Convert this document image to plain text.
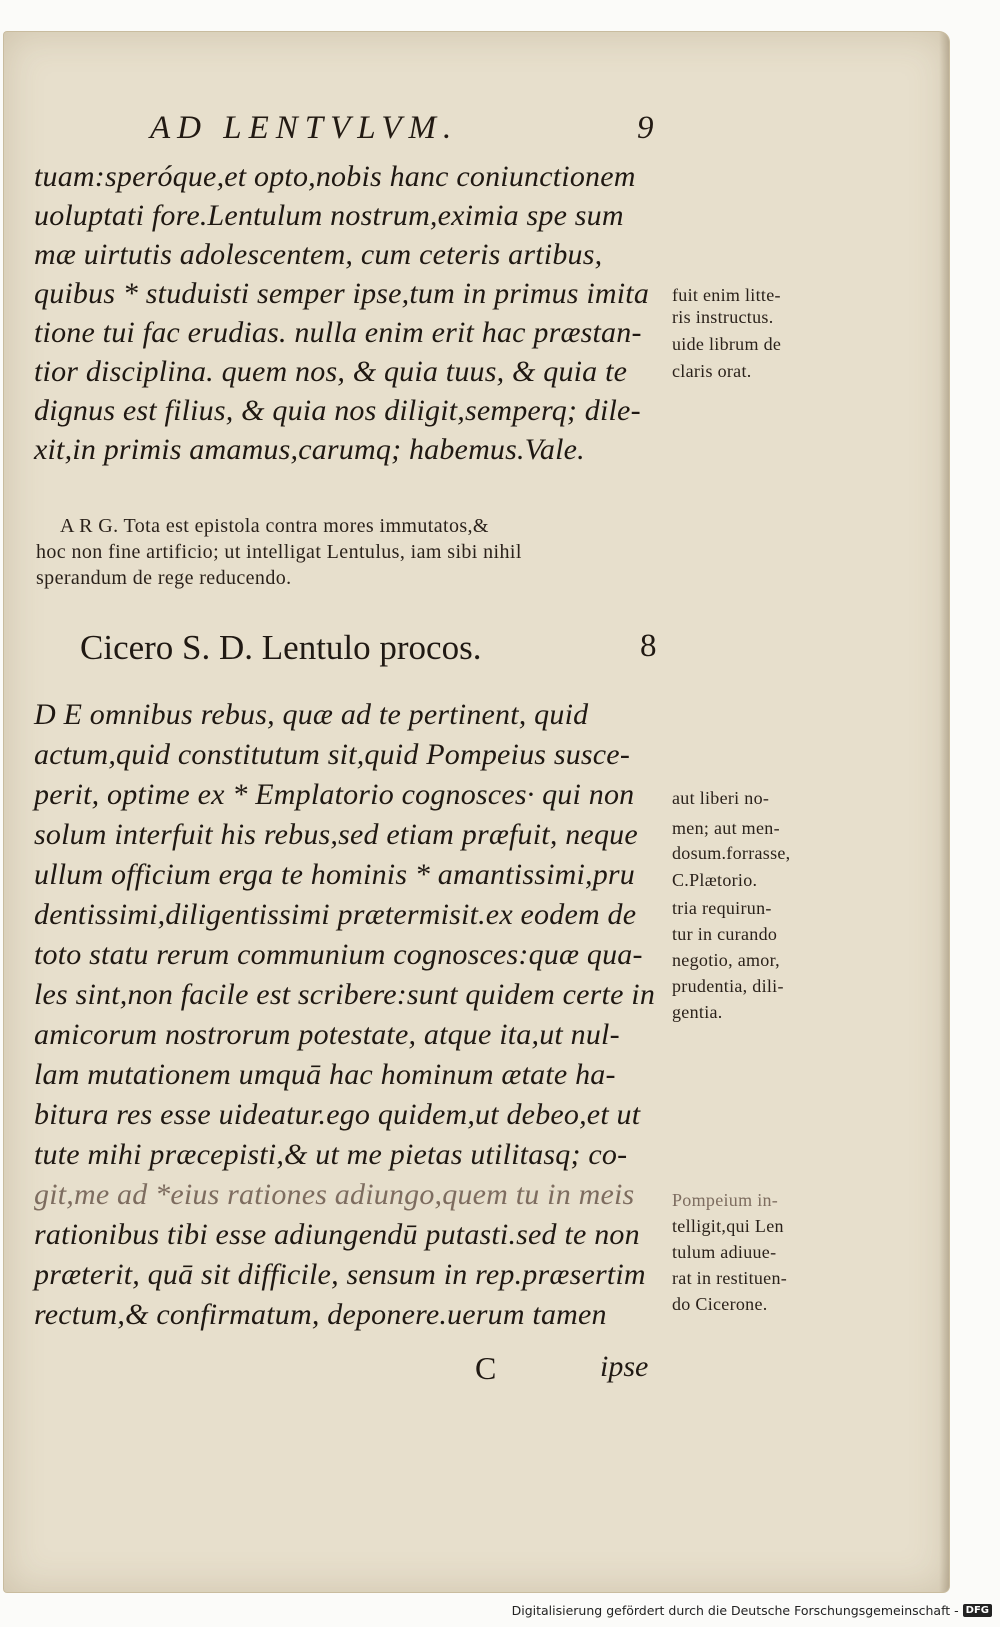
AD LENTVLVM.	9
tuam:speróque,et opto,nobis hanc coniunctionem
uoluptati fore.Lentulum nostrum,eximia spe sum
mæ uirtutis adolescentem, cum ceteris artibus,
quibus * studuisti semper ipse,tum in primus imita
tione tui fac erudias. nulla enim erit hac præstan-
tior disciplina. quem nos, & quia tuus, & quia te
dignus est filius, & quia nos diligit,semperq; dile-
xit,in primis amamus,carumq; habemus.Vale.
fuit enim litte-
ris instructus.
uide librum de
claris orat.
A R G. Tota est epistola contra mores immutatos,&
hoc non fine artificio; ut intelligat Lentulus, iam sibi nihil
sperandum de rege reducendo.
Cicero S. D. Lentulo procos.	8
D E omnibus rebus, quæ ad te pertinent, quid
actum,quid constitutum sit,quid Pompeius susce-
perit, optime ex * Emplatorio cognosces· qui non
solum interfuit his rebus,sed etiam præfuit, neque
ullum officium erga te hominis * amantissimi,pru
dentissimi,diligentissimi prætermisit.ex eodem de
toto statu rerum communium cognosces:quæ qua-
les sint,non facile est scribere:sunt quidem certe in
amicorum nostrorum potestate, atque ita,ut nul-
lam mutationem umquā hac hominum ætate ha-
bitura res esse uideatur.ego quidem,ut debeo,et ut
tute mihi præcepisti,& ut me pietas utilitasq; co-
git,me ad *eius rationes adiungo,quem tu in meis
rationibus tibi esse adiungendū putasti.sed te non
præterit, quā sit difficile, sensum in rep.præsertim
rectum,& confirmatum, deponere.uerum tamen
aut liberi no-
men; aut men-
dosum.forrasse,
C.Plætorio.
tria requirun-
tur in curando
negotio, amor,
prudentia, dili-
gentia.
Pompeium in-
telligit,qui Len
tulum adiuue-
rat in restituen-
do Cicerone.
C	ipse
Digitalisierung gefördert durch die Deutsche Forschungsgemeinschaft - DFG
